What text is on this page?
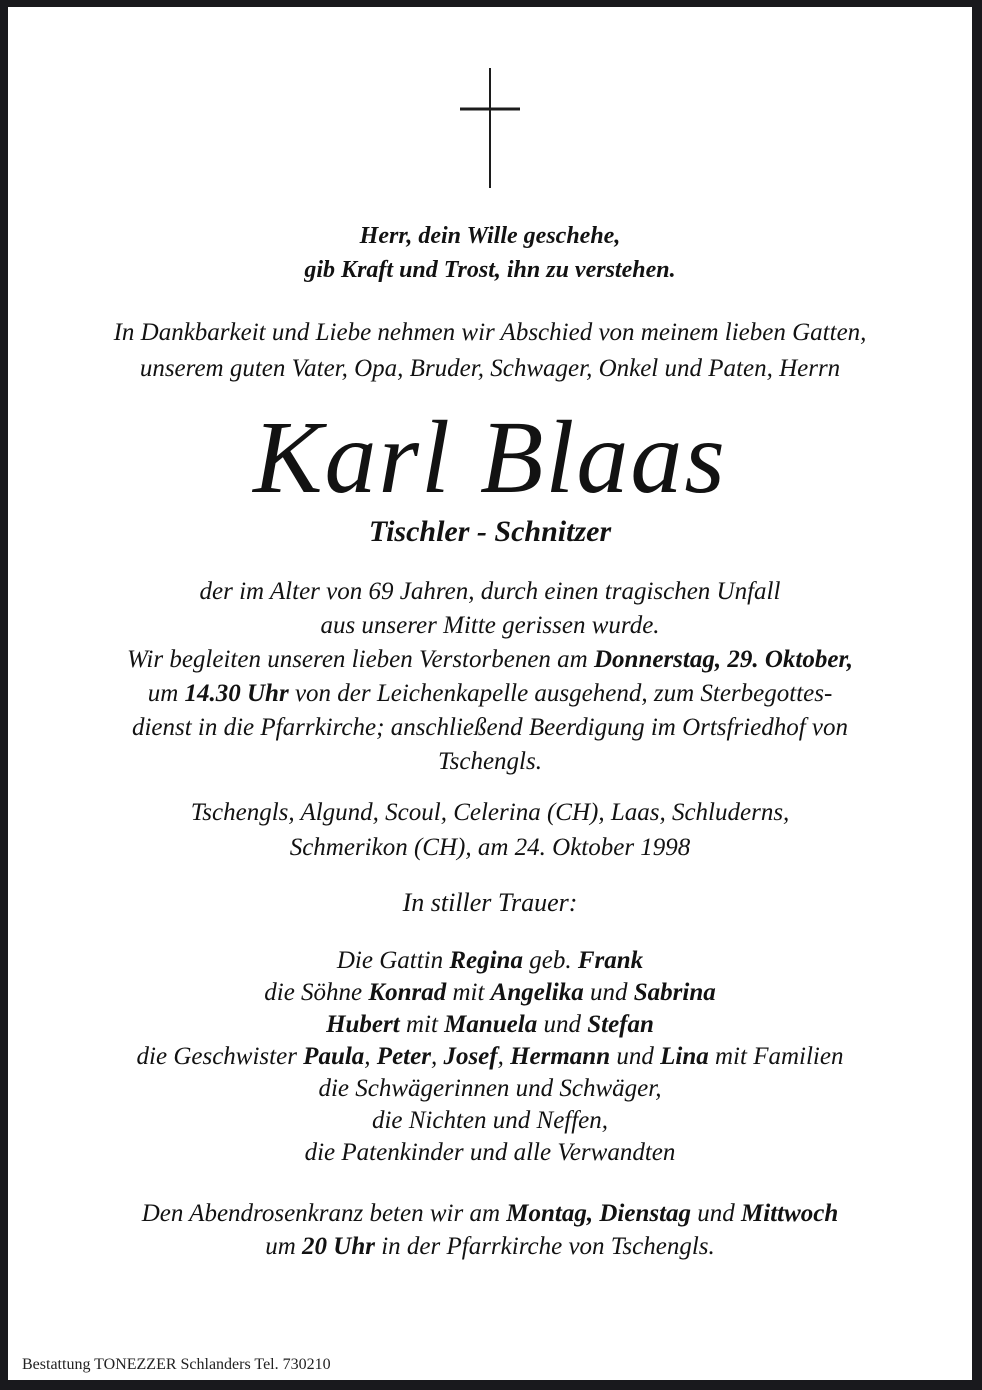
Herr, dein Wille geschehe,
gib Kraft und Trost, ihn zu verstehen.
In Dankbarkeit und Liebe nehmen wir Abschied von meinem lieben Gatten,
unserem guten Vater, Opa, Bruder, Schwager, Onkel und Paten, Herrn
Karl Blaas
Tischler - Schnitzer
der im Alter von 69 Jahren, durch einen tragischen Unfall
aus unserer Mitte gerissen wurde.
Wir begleiten unseren lieben Verstorbenen am Donnerstag, 29. Oktober,
um 14.30 Uhr von der Leichenkapelle ausgehend, zum Sterbegottes-
dienst in die Pfarrkirche; anschließend Beerdigung im Ortsfriedhof von
Tschengls.
Tschengls, Algund, Scoul, Celerina (CH), Laas, Schluderns,
Schmerikon (CH), am 24. Oktober 1998
In stiller Trauer:
Die Gattin Regina geb. Frank
die Söhne Konrad mit Angelika und Sabrina
Hubert mit Manuela und Stefan
die Geschwister Paula, Peter, Josef, Hermann und Lina mit Familien
die Schwägerinnen und Schwäger,
die Nichten und Neffen,
die Patenkinder und alle Verwandten
Den Abendrosenkranz beten wir am Montag, Dienstag und Mittwoch
um 20 Uhr in der Pfarrkirche von Tschengls.
Bestattung TONEZZER Schlanders Tel. 730210
